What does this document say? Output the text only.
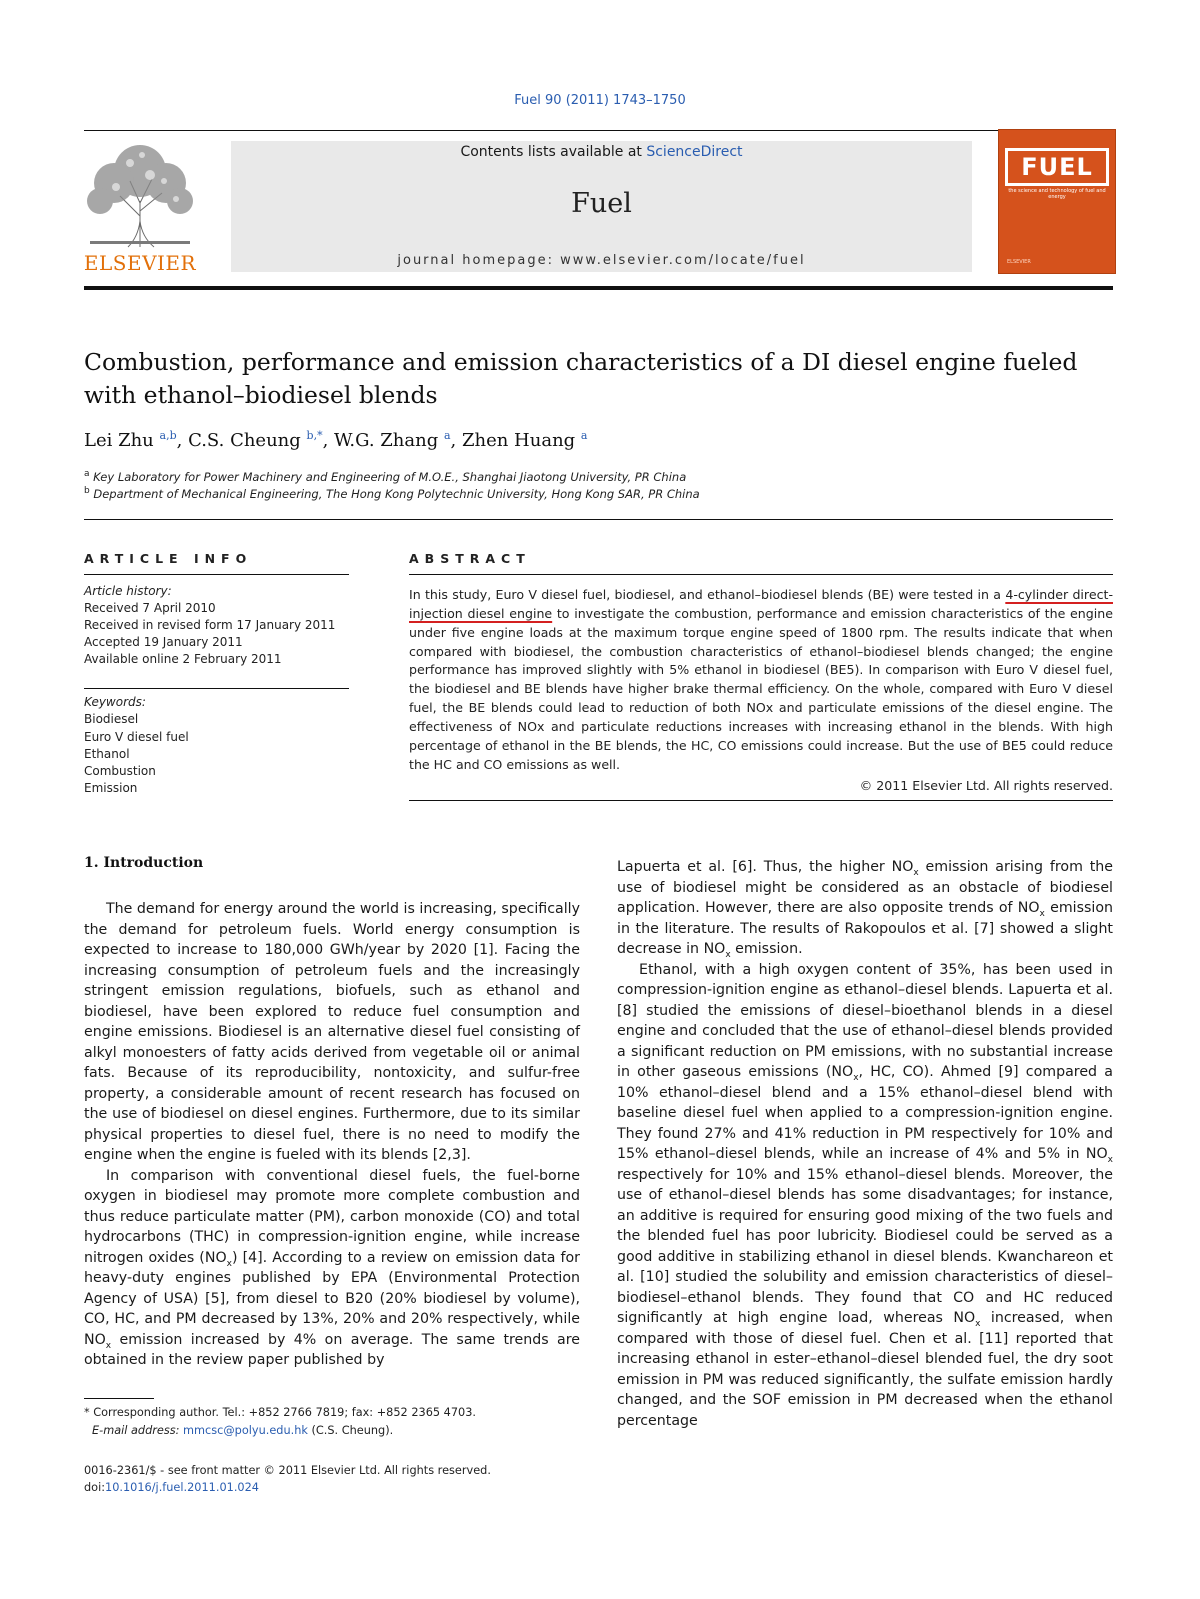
Fuel 90 (2011) 1743–1750
ELSEVIER
Contents lists available at ScienceDirect
Fuel
journal homepage: www.elsevier.com/locate/fuel
FUEL
the science and technology of fuel and energy
ELSEVIER
Combustion, performance and emission characteristics of a DI diesel engine fueled with ethanol–biodiesel blends
Lei Zhu $^{a,b}$, C.S. Cheung $^{b,*}$, W.G. Zhang $^a$, Zhen Huang $^a$
$^a$ Key Laboratory for Power Machinery and Engineering of M.O.E., Shanghai Jiaotong University, PR China
$^b$ Department of Mechanical Engineering, The Hong Kong Polytechnic University, Hong Kong SAR, PR China
ARTICLE INFO
Article history:
Received 7 April 2010
Received in revised form 17 January 2011
Accepted 19 January 2011
Available online 2 February 2011
Keywords:
Biodiesel
Euro V diesel fuel
Ethanol
Combustion
Emission
ABSTRACT
In this study, Euro V diesel fuel, biodiesel, and ethanol–biodiesel blends (BE) were tested in a 4-cylinder direct-injection diesel engine to investigate the combustion, performance and emission characteristics of the engine under five engine loads at the maximum torque engine speed of 1800 rpm. The results indicate that when compared with biodiesel, the combustion characteristics of ethanol–biodiesel blends changed; the engine performance has improved slightly with 5% ethanol in biodiesel (BE5). In comparison with Euro V diesel fuel, the biodiesel and BE blends have higher brake thermal efficiency. On the whole, compared with Euro V diesel fuel, the BE blends could lead to reduction of both NOx and particulate emissions of the diesel engine. The effectiveness of NOx and particulate reductions increases with increasing ethanol in the blends. With high percentage of ethanol in the BE blends, the HC, CO emissions could increase. But the use of BE5 could reduce the HC and CO emissions as well.
© 2011 Elsevier Ltd. All rights reserved.
1. Introduction

The demand for energy around the world is increasing, specifically the demand for petroleum fuels. World energy consumption is expected to increase to 180,000 GWh/year by 2020 [1]. Facing the increasing consumption of petroleum fuels and the increasingly stringent emission regulations, biofuels, such as ethanol and biodiesel, have been explored to reduce fuel consumption and engine emissions. Biodiesel is an alternative diesel fuel consisting of alkyl monoesters of fatty acids derived from vegetable oil or animal fats. Because of its reproducibility, nontoxicity, and sulfur-free property, a considerable amount of recent research has focused on the use of biodiesel on diesel engines. Furthermore, due to its similar physical properties to diesel fuel, there is no need to modify the engine when the engine is fueled with its blends [2,3].

In comparison with conventional diesel fuels, the fuel-borne oxygen in biodiesel may promote more complete combustion and thus reduce particulate matter (PM), carbon monoxide (CO) and total hydrocarbons (THC) in compression-ignition engine, while increase nitrogen oxides $(NO_x)$ [4]. According to a review on emission data for heavy-duty engines published by EPA (Environmental Protection Agency of USA) [5], from diesel to B20 (20% biodiesel by volume), CO, HC, and PM decreased by 13%, 20% and 20% respectively, while $NO_x$ emission increased by 4% on average. The same trends are obtained in the review paper published by

Lapuerta et al. [6]. Thus, the higher $NO_x$ emission arising from the use of biodiesel might be considered as an obstacle of biodiesel application. However, there are also opposite trends of $NO_x$ emission in the literature. The results of Rakopoulos et al. [7] showed a slight decrease in $NO_x$ emission.

Ethanol, with a high oxygen content of 35%, has been used in compression-ignition engine as ethanol–diesel blends. Lapuerta et al. [8] studied the emissions of diesel–bioethanol blends in a diesel engine and concluded that the use of ethanol–diesel blends provided a significant reduction on PM emissions, with no substantial increase in other gaseous emissions ($NO_x$, HC, CO). Ahmed [9] compared a 10% ethanol–diesel blend and a 15% ethanol–diesel blend with baseline diesel fuel when applied to a compression-ignition engine. They found 27% and 41% reduction in PM respectively for 10% and 15% ethanol–diesel blends, while an increase of 4% and 5% in $NO_x$ respectively for 10% and 15% ethanol–diesel blends. Moreover, the use of ethanol–diesel blends has some disadvantages; for instance, an additive is required for ensuring good mixing of the two fuels and the blended fuel has poor lubricity. Biodiesel could be served as a good additive in stabilizing ethanol in diesel blends. Kwanchareon et al. [10] studied the solubility and emission characteristics of diesel–biodiesel–ethanol blends. They found that CO and HC reduced significantly at high engine load, whereas $NO_x$ increased, when compared with those of diesel fuel. Chen et al. [11] reported that increasing ethanol in ester–ethanol–diesel blended fuel, the dry soot emission in PM was reduced significantly, the sulfate emission hardly changed, and the SOF emission in PM decreased when the ethanol percentage

* Corresponding author. Tel.: +852 2766 7819; fax: +852 2365 4703.
E-mail address: mmcsc@polyu.edu.hk (C.S. Cheung).
0016-2361/$ - see front matter © 2011 Elsevier Ltd. All rights reserved.
doi:10.1016/j.fuel.2011.01.024
